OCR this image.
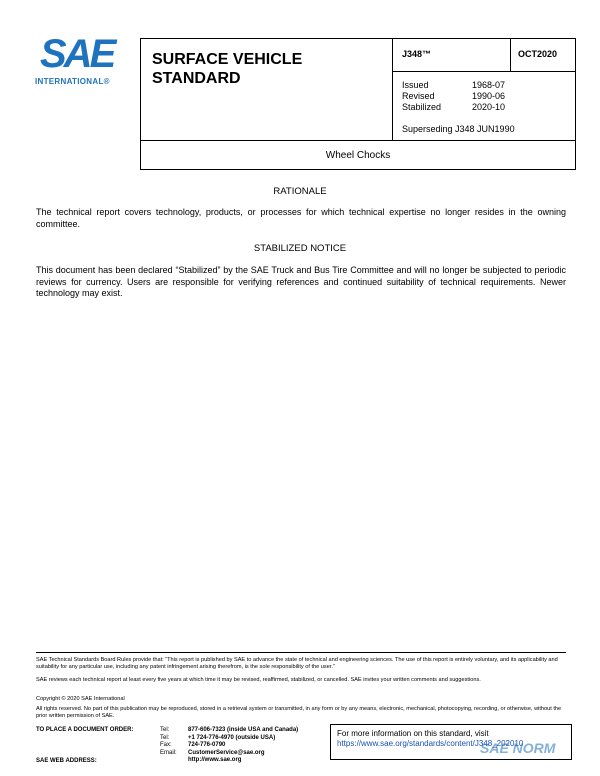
SAE
INTERNATIONAL®
SURFACE VEHICLE
STANDARD
J348™	OCT2020
Issued	1968-07
Revised	1990-06
Stabilized	2020-10
Superseding J348 JUN1990
Wheel Chocks
RATIONALE
The technical report covers technology, products, or processes for which technical expertise no longer resides in the owning committee.
STABILIZED NOTICE
This document has been declared “Stabilized” by the SAE Truck and Bus Tire Committee and will no longer be subjected to periodic reviews for currency. Users are responsible for verifying references and continued suitability of technical requirements. Newer technology may exist.
SAE Technical Standards Board Rules provide that: “This report is published by SAE to advance the state of technical and engineering sciences. The use of this report is entirely voluntary, and its applicability and suitability for any particular use, including any patent infringement arising therefrom, is the sole responsibility of the user.”
SAE reviews each technical report at least every five years at which time it may be revised, reaffirmed, stabilized, or cancelled. SAE invites your written comments and suggestions.
Copyright © 2020 SAE International
All rights reserved. No part of this publication may be reproduced, stored in a retrieval system or transmitted, in any form or by any means, electronic, mechanical, photocopying, recording, or otherwise, without the prior written permission of SAE.
TO PLACE A DOCUMENT ORDER:
SAE WEB ADDRESS:
Tel:	877-606-7323 (inside USA and Canada)
Tel:	+1 724-776-4970 (outside USA)
Fax:	724-776-0790
Email:	CustomerService@sae.org
http://www.sae.org
For more information on this standard, visit
https://www.sae.org/standards/content/J348_202010
SAE NORM
